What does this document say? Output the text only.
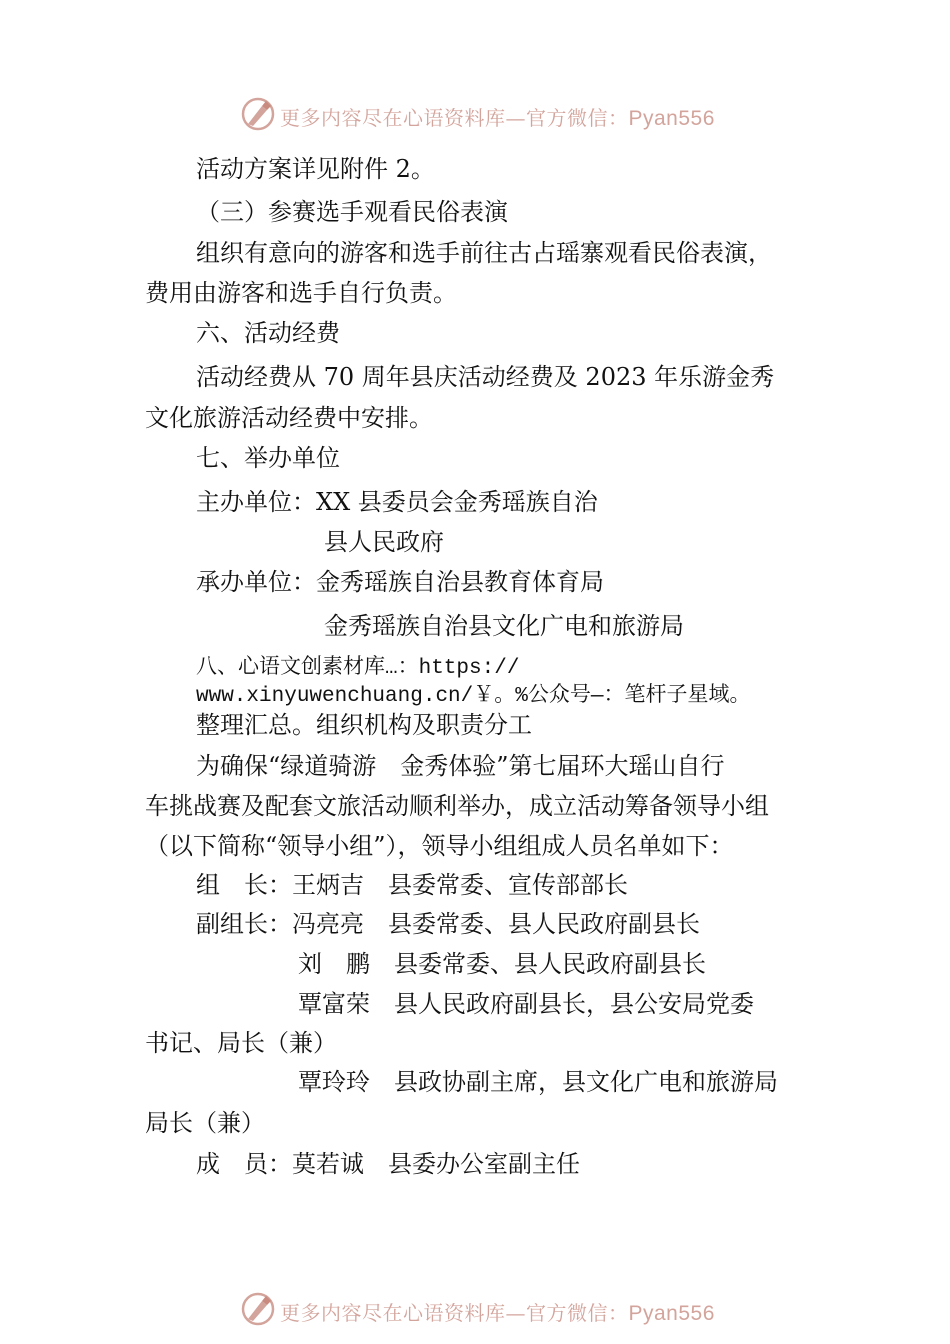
更多内容尽在心语资料库—官方微信：Pyan556
活动方案详见附件 2。
（三）参赛选手观看民俗表演
组织有意向的游客和选手前往古占瑶寨观看民俗表演，
费用由游客和选手自行负责。
六、活动经费
活动经费从 70 周年县庆活动经费及 2023 年乐游金秀
文化旅游活动经费中安排。
七、举办单位
主办单位：XX 县委员会金秀瑶族自治
县人民政府
承办单位：金秀瑶族自治县教育体育局
金秀瑶族自治县文化广电和旅游局
八、心语文创素材库…：https://
www.xinyuwenchuang.cn/￥。%公众号—：笔杆子星域。
整理汇总。组织机构及职责分工
为确保“绿道骑游　金秀体验”第七届环大瑶山自行
车挑战赛及配套文旅活动顺利举办，成立活动筹备领导小组
（以下简称“领导小组”），领导小组组成人员名单如下：
组　长：王炳吉　县委常委、宣传部部长
副组长：冯亮亮　县委常委、县人民政府副县长
刘　鹏　县委常委、县人民政府副县长
覃富荣　县人民政府副县长，县公安局党委
书记、局长（兼）
覃玲玲　县政协副主席，县文化广电和旅游局
局长（兼）
成　员：莫若诚　县委办公室副主任
更多内容尽在心语资料库—官方微信：Pyan556
